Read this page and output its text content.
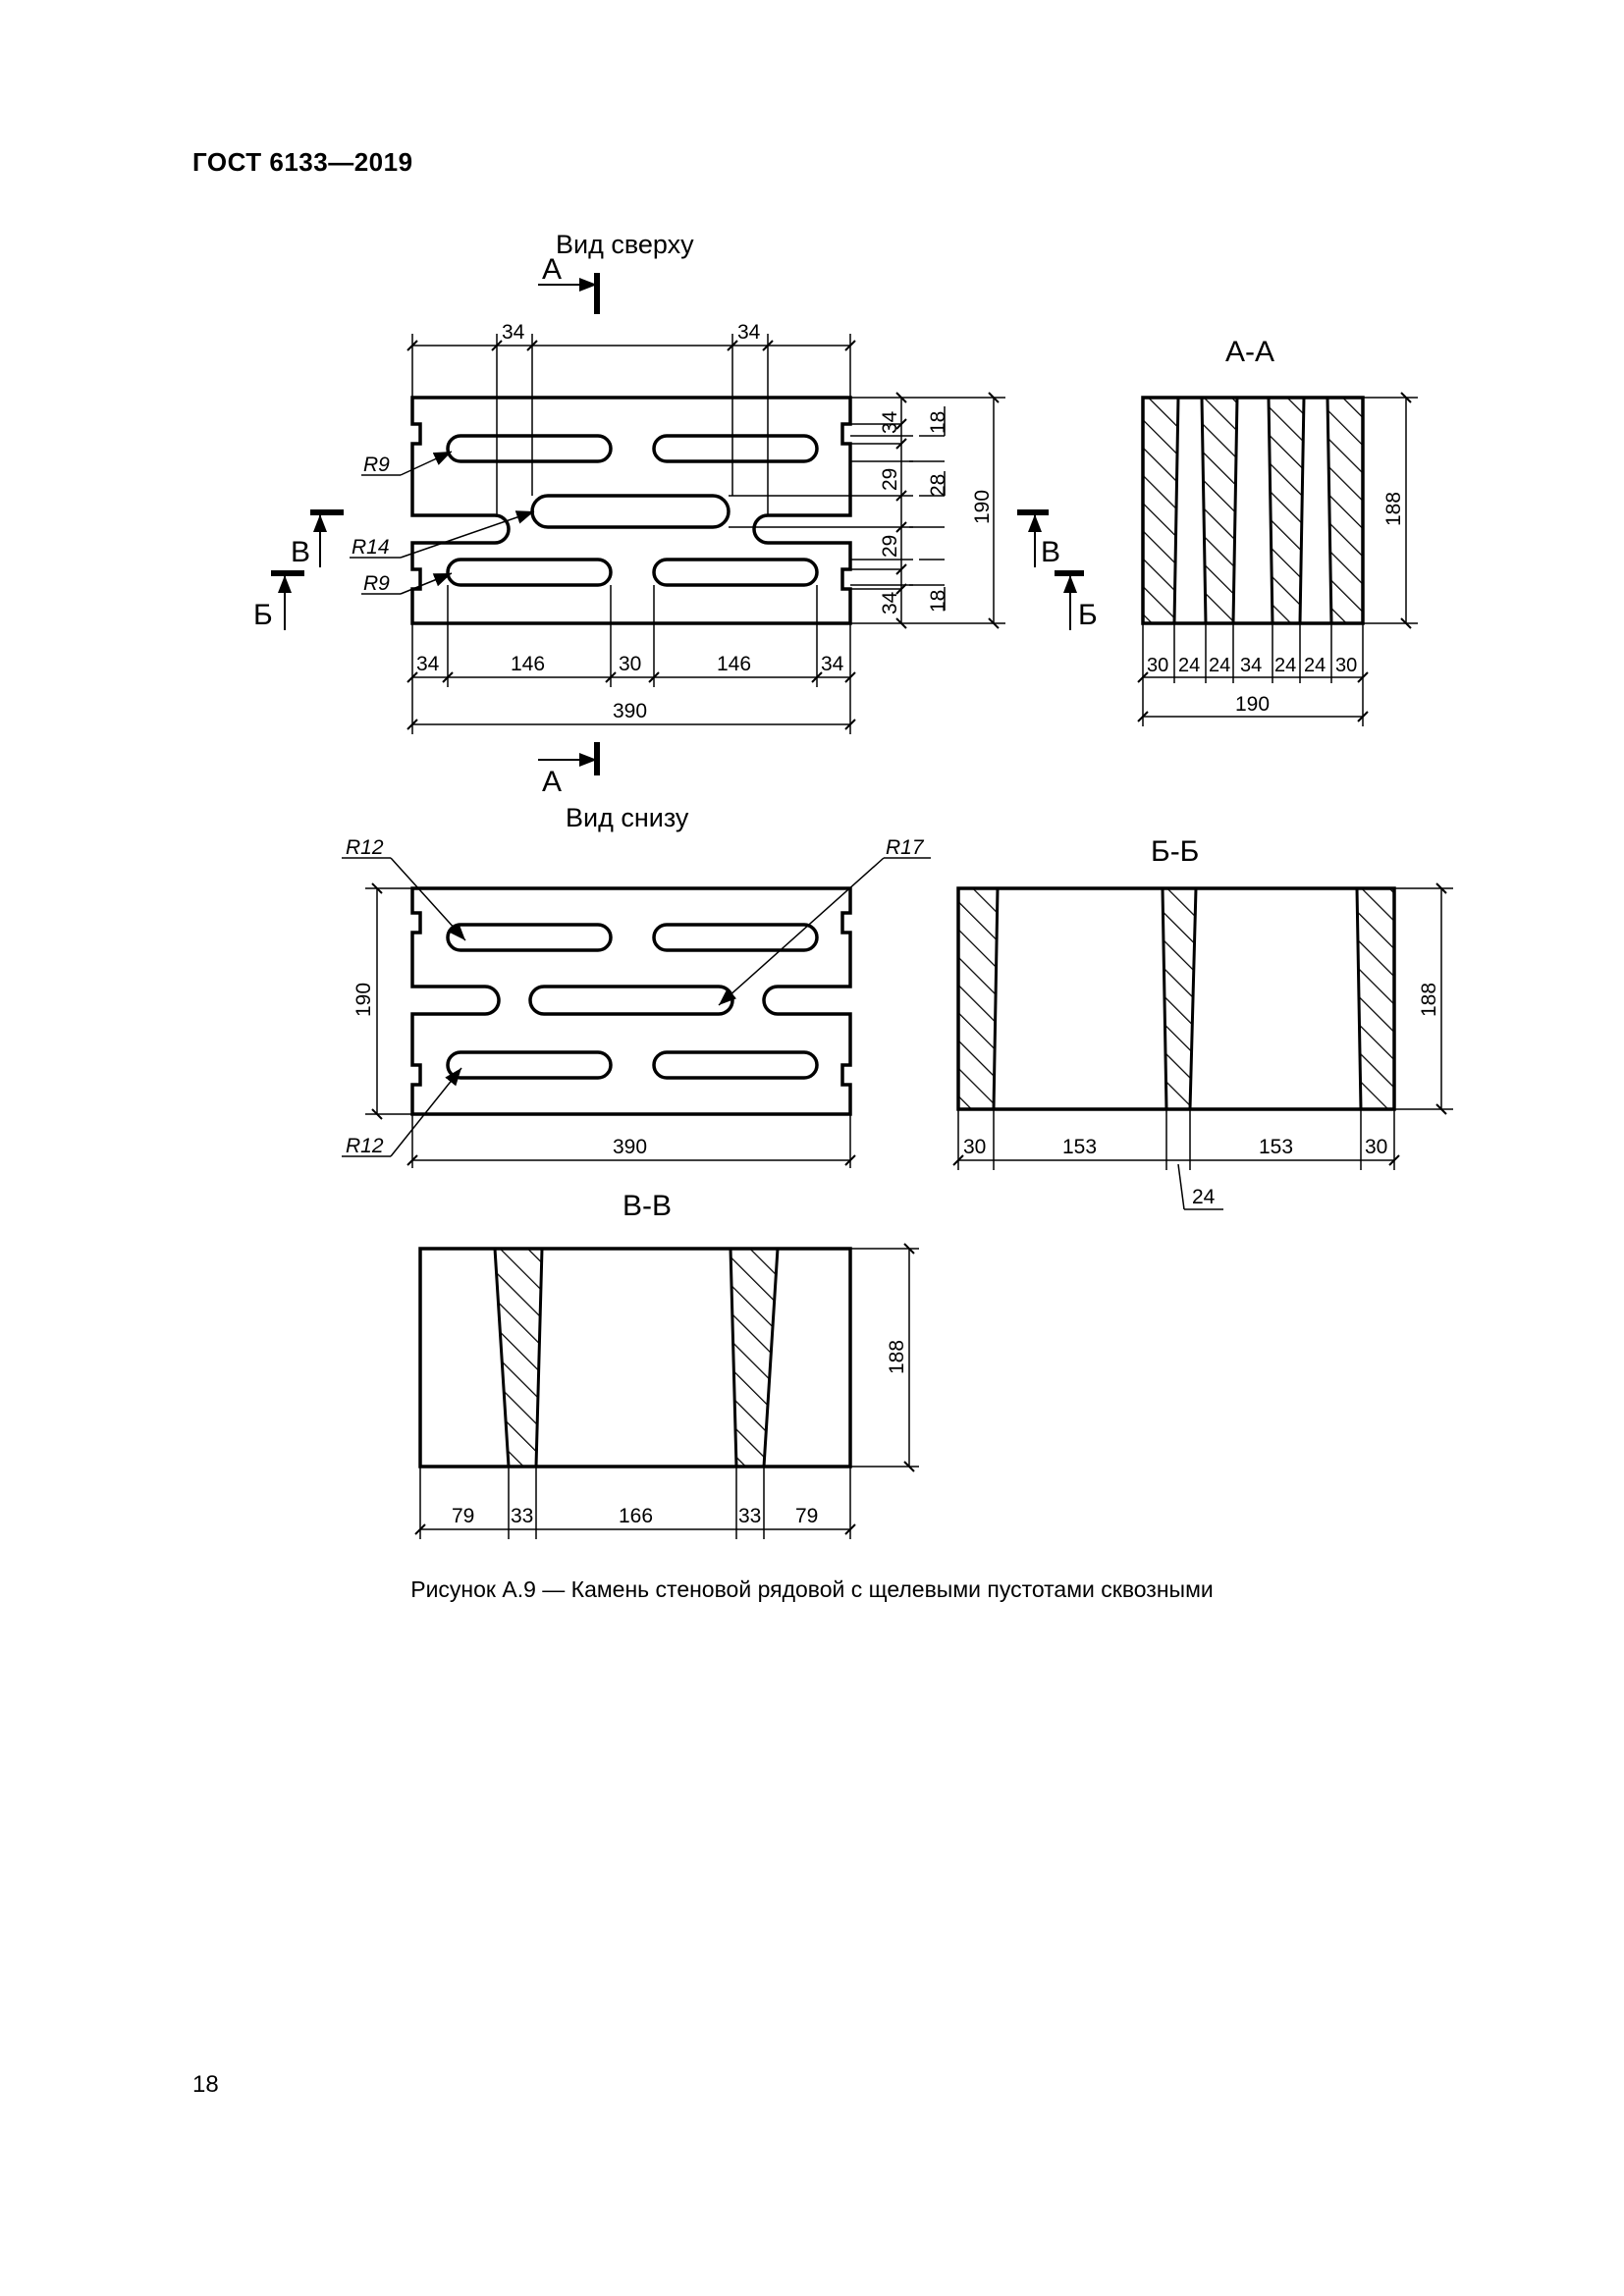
ГОСТ 6133—2019
Вид сверху
А
34	34
34	146	30	146	34
390
34
29
29
34
18
28
18
190
R9
R14
R9
В
Б
В
Б
А
А-А
30 24 24 34 24 24 30
190
188
Вид снизу
R12	R17
R12
190
390
Б-Б
30	153	153	30
24
188
В-В
79 33	166	33 79
188
Рисунок А.9 — Камень стеновой рядовой с щелевыми пустотами сквозными
18
